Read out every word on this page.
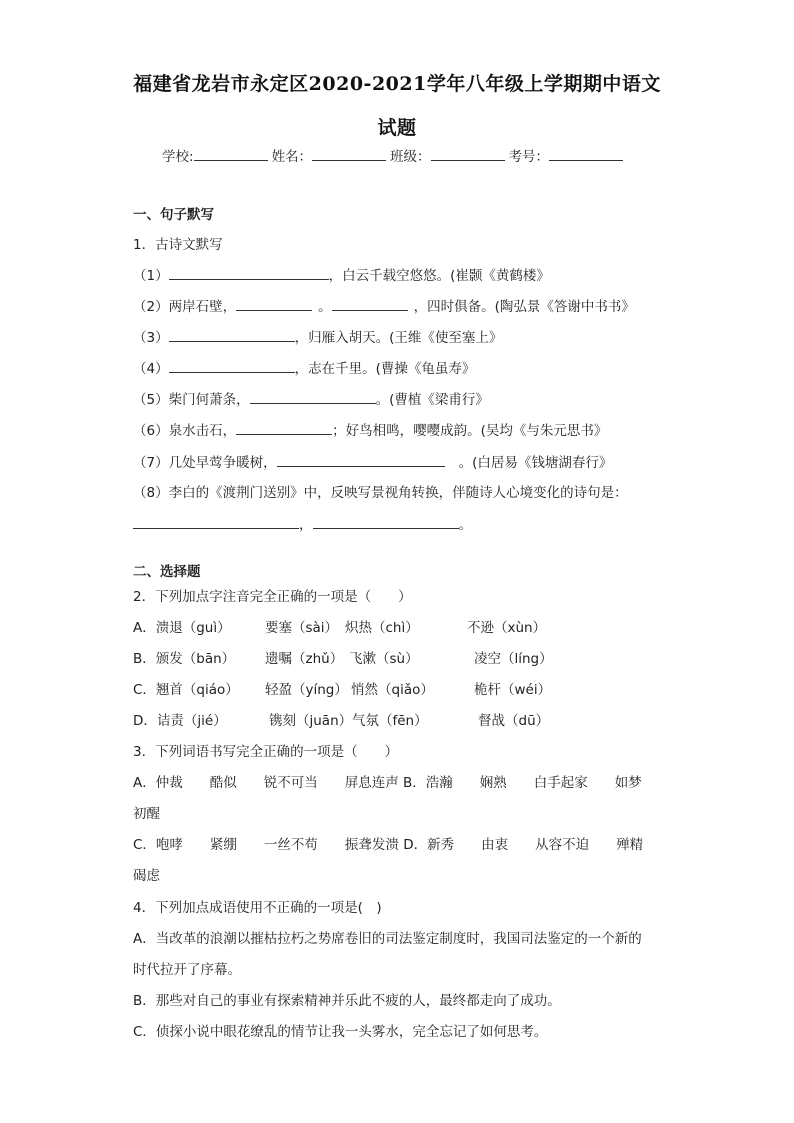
福建省龙岩市永定区2020-2021学年八年级上学期期中语文
试题
学校:	姓名：	班级：	考号：
一、句子默写
1．古诗文默写
（1）	，白云千载空悠悠。(崔颢《黄鹤楼》
（2）两岸石壁，	。	，四时俱备。(陶弘景《答谢中书书》
（3）	，归雁入胡天。(王维《使至塞上》
（4）	，志在千里。(曹操《龟虽寿》
（5）柴门何萧条，	。(曹植《梁甫行》
（6）泉水击石，	；好鸟相鸣，嘤嘤成韵。(吴均《与朱元思书》
（7）几处早莺争暖树，	。(白居易《钱塘湖春行》
（8）李白的《渡荆门送别》中，反映写景视角转换，伴随诗人心境变化的诗句是：
，	。
二、选择题
2．下列加点字注音完全正确的一项是（　　）
A．溃退（guì）	要塞（sài） 炽热（chì）	不逊（xùn）
B．颁发（bān） 遗嘱（zhǔ） 飞漱（sù）	凌空（líng）
C．翘首（qiáo） 轻盈（yíng） 悄然（qiǎo）	桅杆（wéi）
D．诘责（jié）	镌刻（juān）气氛（fēn）	督战（dū）
3．下列词语书写完全正确的一项是（　　）
A．仲裁　　酷似　　锐不可当　　屏息连声 B．浩瀚　　娴熟　　白手起家　　如梦
初醒
C．咆哮　　紧绷　　一丝不苟　　振聋发溃 D．新秀　　由衷　　从容不迫　　殚精
碣虑
4．下列加点成语使用不正确的一项是(　)
A．当改革的浪潮以摧枯拉朽之势席卷旧的司法鉴定制度时，我国司法鉴定的一个新的
时代拉开了序幕。
B．那些对自己的事业有探索精神并乐此不疲的人，最终都走向了成功。
C．侦探小说中眼花缭乱的情节让我一头雾水，完全忘记了如何思考。
